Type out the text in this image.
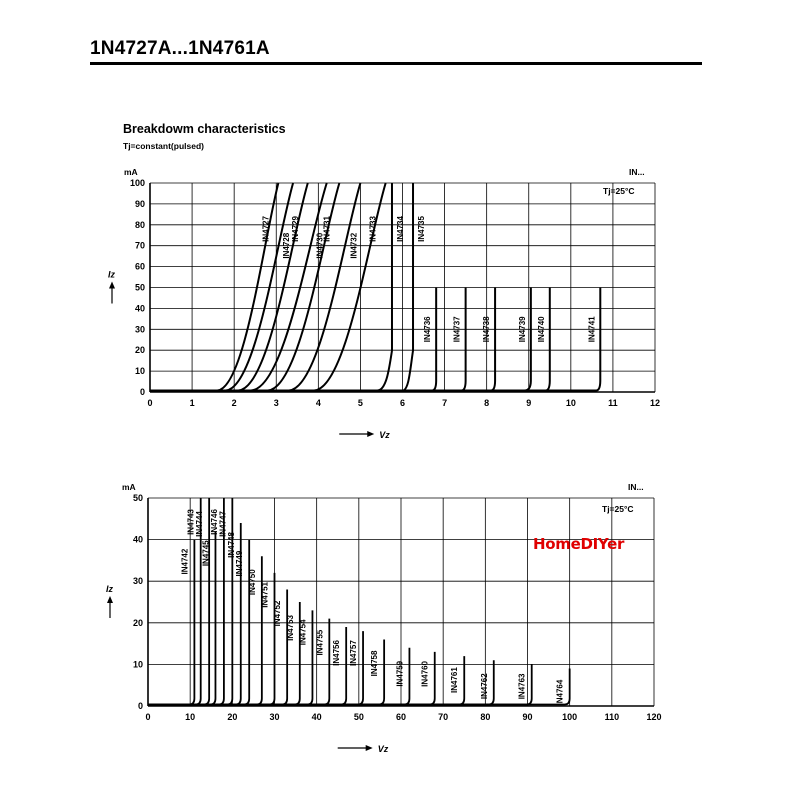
1N4727A...1N4761A
Breakdowm characteristics
Tj=constant(pulsed)
0	1	2	3	4	5	6	7	8	9	10	11	12
0
10
20
30
40
50
60
70
80
90
100
mA	IN...
Tj=25°C
Iz
Vz
IN4727
IN4728
IN4729
IN4730
IN4731
IN4732
IN4733 IN4734 IN4735
IN4736	IN4737	IN4738	IN4739 IN4740	IN4741
0	10	20	30	40	50	60	70	80	90	100	110	120
0
10
20
30
40
50
mA	IN...
Tj=25°C
Iz
Vz
IN4742
IN4743 IN4744
IN4745
IN4746 IN4747
IN4748
IN4749
IN4750 IN4751
IN4752
IN4753 IN4754 IN4755 IN4756 IN4757 IN4758 IN4759 IN4760	IN4761	IN4762	IN4763	IN4764
HomeDIYer
